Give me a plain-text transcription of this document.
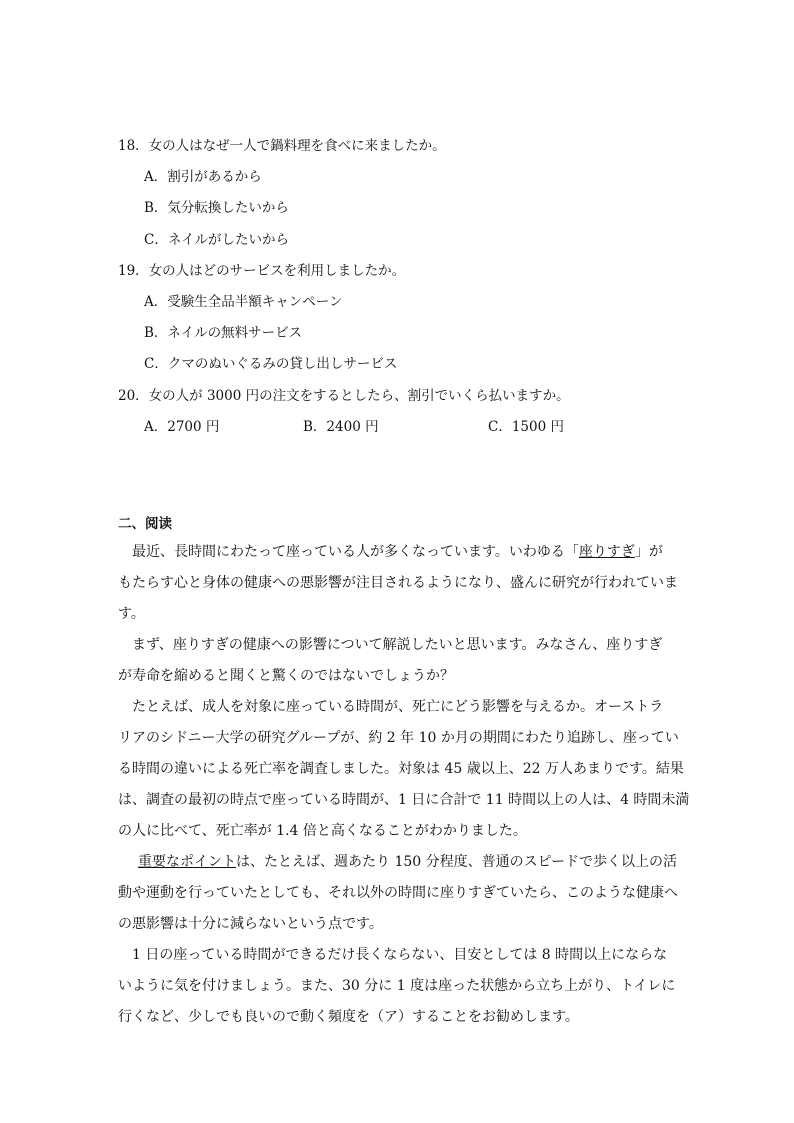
18．女の人はなぜ一人で鍋料理を食べに来ましたか。
A．割引があるから
B．気分転換したいから
C．ネイルがしたいから
19．女の人はどのサービスを利用しましたか。
A．受験生全品半額キャンペーン
B．ネイルの無料サービス
C．クマのぬいぐるみの貸し出しサービス
20．女の人が 3000 円の注文をするとしたら、割引でいくら払いますか。
A．2700 円	B．2400 円	C．1500 円
二、阅读
　最近、長時間にわたって座っている人が多くなっています。いわゆる「座りすぎ」が
もたらす心と身体の健康への悪影響が注目されるようになり、盛んに研究が行われていま
す。
　まず、座りすぎの健康への影響について解説したいと思います。みなさん、座りすぎ
が寿命を縮めると聞くと驚くのではないでしょうか？
　たとえば、成人を対象に座っている時間が、死亡にどう影響を与えるか。オーストラ
リアのシドニー大学の研究グループが、約 2 年 10 か月の期間にわたり追跡し、座ってい
る時間の違いによる死亡率を調査しました。対象は 45 歳以上、22 万人あまりです。結果
は、調査の最初の時点で座っている時間が、1 日に合計で 11 時間以上の人は、4 時間未満
の人に比べて、死亡率が 1.4 倍と高くなることがわかりました。
重要なポイントは、たとえば、週あたり 150 分程度、普通のスピードで歩く以上の活
動や運動を行っていたとしても、それ以外の時間に座りすぎていたら、このような健康へ
の悪影響は十分に減らないという点です。
　1 日の座っている時間ができるだけ長くならない、目安としては 8 時間以上にならな
いように気を付けましょう。また、30 分に 1 度は座った状態から立ち上がり、トイレに
行くなど、少しでも良いので動く頻度を（ア）することをお勧めします。
